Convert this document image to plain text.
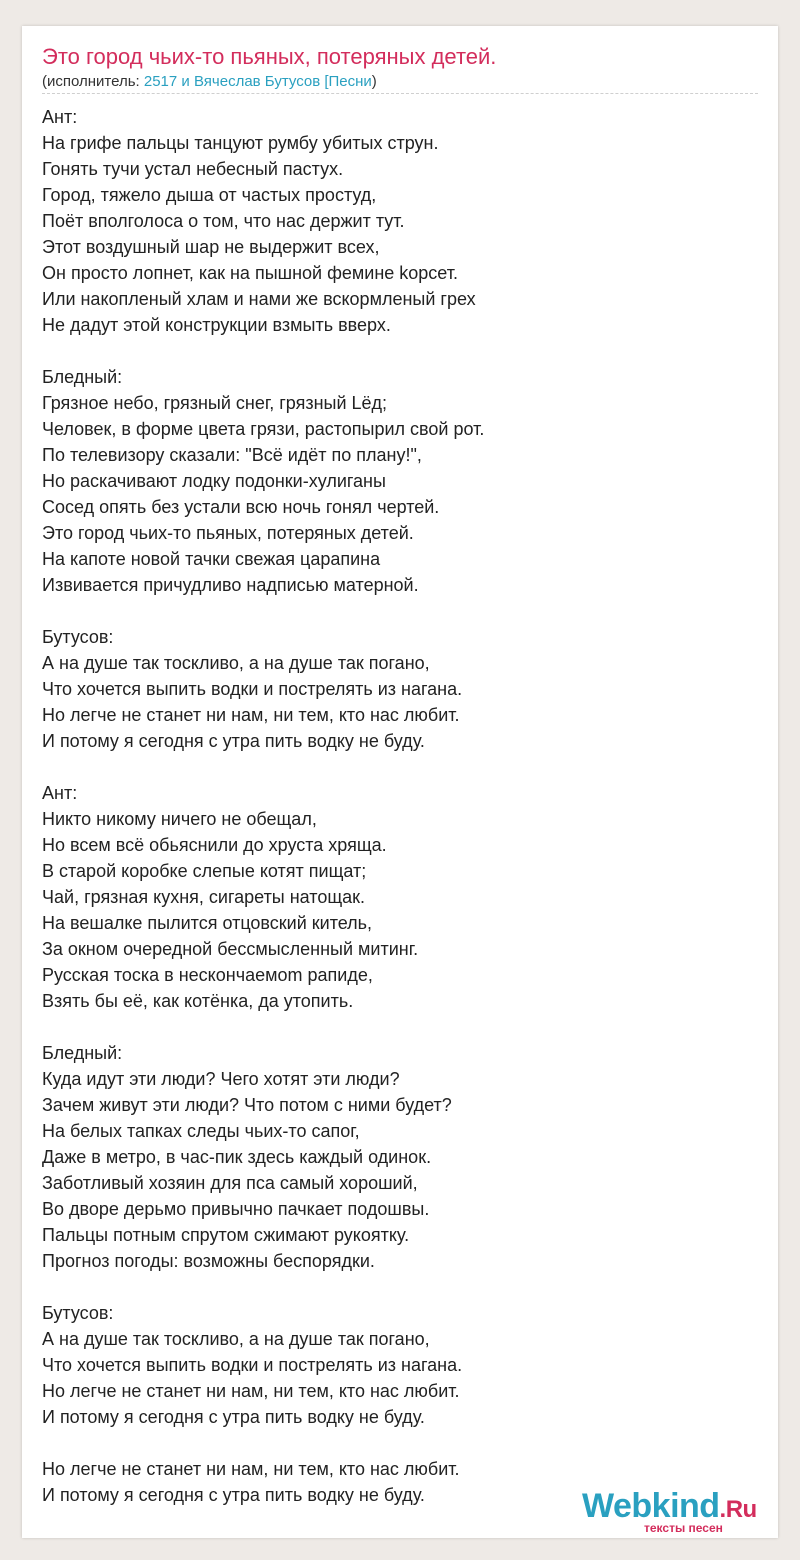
Это город чьих-то пьяных, потеряных детей.
(исполнитель: 2517 и Вячеслав Бутусов [Песни)
Ант:
На грифе пальцы танцуют румбу убитых струн.
Гонять тучи устал небесный пастух.
Город, тяжело дыша от частых простуд,
Поёт вполголоса о том, что нас держит тут.
Этот воздушный шар не выдержит всех,
Он просто лопнет, как на пышной фемине kорсет.
Или накопленый хлам и нами же вскормленый грех
Не дадут этой конструкции взмыть вверх.
Бледный:
Грязное небо, грязный снег, грязный Lёд;
Человек, в форме цвета грязи, растопырил свой рот.
По телевизору сказали: "Всё идёт по плану!",
Но раскачивают лодку подонки-хулиганы
Сосед опять без устали всю ночь гонял чертей.
Это город чьих-то пьяных, потеряных детей.
На капоте новой тачки свежая царапина
Извивается причудливо надписью матерной.
Бутусов:
А на душе так тоскливо, а на душе так погано,
Что хочется выпить водки и пострелять из нагана.
Но легче не станет ни нам, ни тем, кто нас любит.
И потому я сегодня с утра пить водку не буду.
Ант:
Никто никому ничего не обещал,
Но всем всё обьяснили до хруста хряща.
В старой коробке слепые котят пищат;
Чай, грязная кухня, сигареты натощак.
На вешалке пылится отцовский китель,
За окном очередной бессмысленный митинг.
Русская тоска в нескончаемom рапиде,
Взять бы её, как котёнка, да утопить.
Бледный:
Куда идут эти люди? Чего хотят эти люди?
Зачем живут эти люди? Что потом с ними будет?
На белых тапках следы чьих-то сапог,
Даже в метро, в час-пик здесь каждый одинок.
Заботливый хозяин для пса самый хороший,
Во дворе дерьмо привычно пачкает подошвы.
Пальцы потным спрутом сжимают рукоятку.
Прогноз погоды: возможны беспорядки.
Бутусов:
А на душе так тоскливо, а на душе так погано,
Что хочется выпить водки и пострелять из нагана.
Но легче не станет ни нам, ни тем, кто нас любит.
И потому я сегодня с утра пить водку не буду.
Но легче не станет ни нам, ни тем, кто нас любит.
И потому я сегодня с утра пить водку не буду.	Webkind.Ru
тексты песен
